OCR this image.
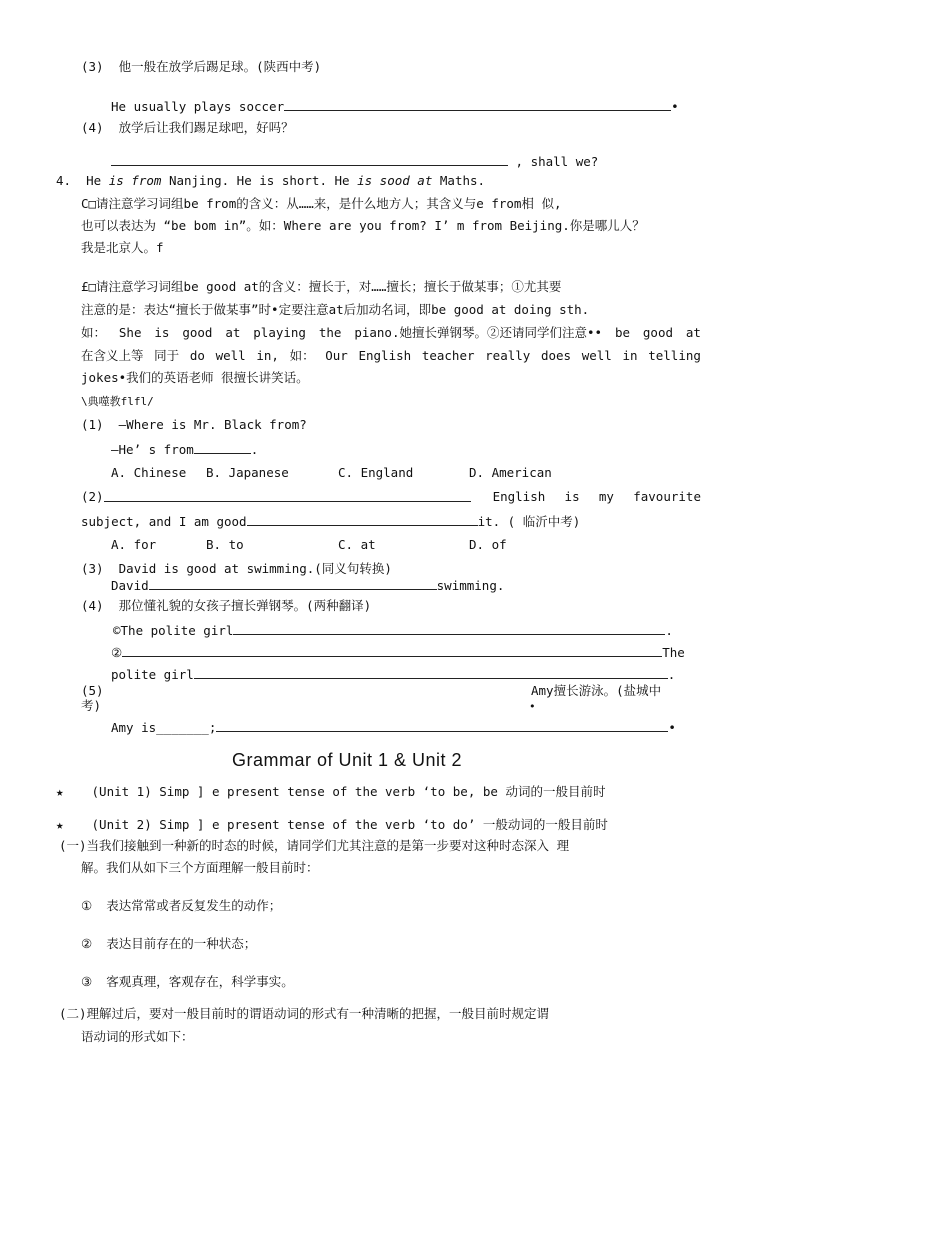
(3) 他一般在放学后踢足球。(陕西中考)
He usually plays soccer	•
(4) 放学后让我们踢足球吧，好吗？
, shall we?
4. He is from Nanjing. He is short. He is sood at Maths.
C□请注意学习词组be from的含义：从……来，是什么地方人；其含义与e from相 似,
也可以表达为 “be bom in”。如：Where are you from? I’ m from Beijing.你是哪儿人？
我是北京人。f
£□请注意学习词组be good at的含义：擅长于，对……擅长；擅长于做某事；①尤其要
注意的是：表达“擅长于做某事”时•定要注意at后加动名词，即be good at doing sth.
如： She is good at playing the piano.她擅长弹钢琴。②还请同学们注意•• be good at
在含义上等 同于 do well in, 如： Our English teacher really does well in telling
jokes•我们的英语老师 很擅长讲笑话。
\典噬教flfl/
(1) —Where is Mr. Black from?
—He’ s from	.
A. Chinese B. Japanese	C. England	D. American
(2)	English is my favourite
subject, and I am good	it. ( 临沂中考)
A. for	B. to	C. at	D. of
(3) David is good at swimming.(同义句转换)
David	swimming.
(4) 那位懂礼貌的女孩子擅长弹钢琴。(两种翻译)
©The polite girl	.
②	The
polite girl	.
(5)	Amy擅长游泳。(盐城中
考)	•
Amy is_______;	•
Grammar of Unit 1 & Unit 2
★ (Unit 1) Simp ] e present tense of the verb ‘to be, be 动词的一般目前时
★ (Unit 2) Simp ] e present tense of the verb ‘to do’ 一般动词的一般目前时
(一)当我们接触到一种新的时态的时候，请同学们尤其注意的是第一步要对这种时态深入 理
解。我们从如下三个方面理解一般目前时：
① 表达常常或者反复发生的动作；
② 表达目前存在的一种状态；
③ 客观真理，客观存在，科学事实。
(二)理解过后，要对一般目前时的谓语动词的形式有一种清晰的把握，一般目前时规定谓
语动词的形式如下：
